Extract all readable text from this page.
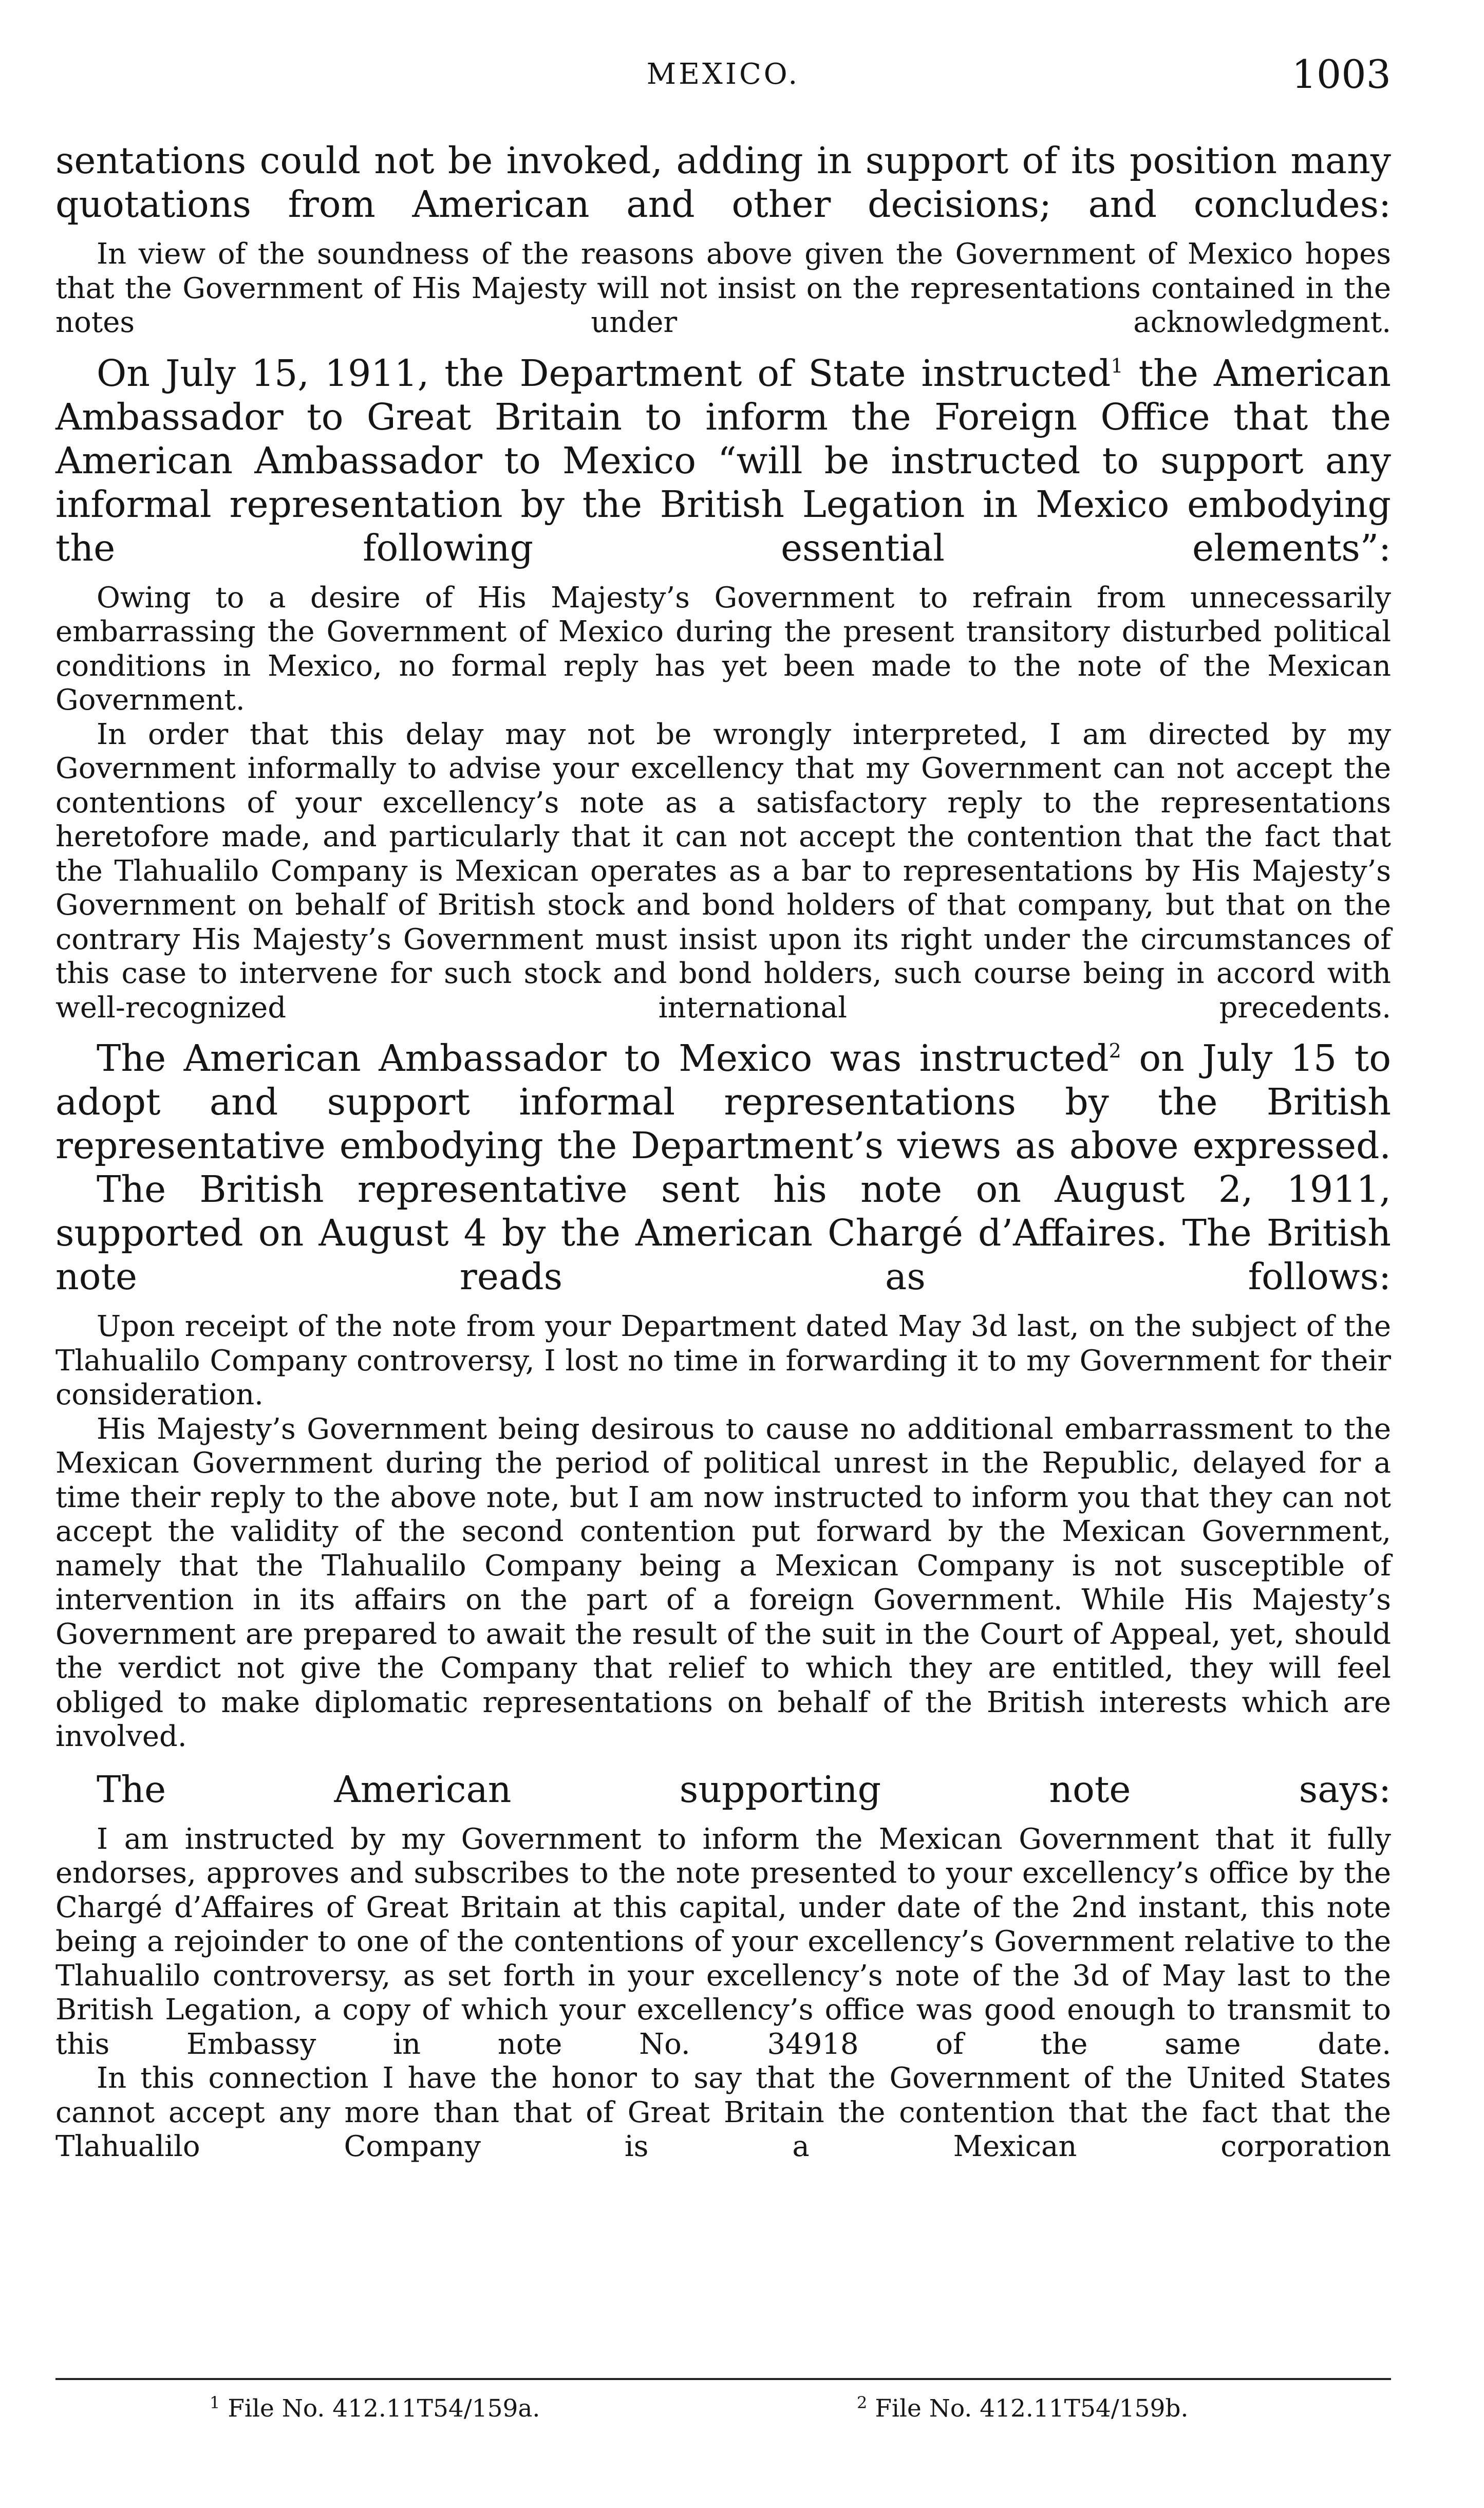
MEXICO.	1003

sentations could not be invoked, adding in support of its position many quotations from American and other decisions; and concludes:

In view of the soundness of the reasons above given the Government of Mexico hopes that the Government of His Majesty will not insist on the representations contained in the notes under acknowledgment.

On July 15, 1911, the Department of State instructed$^1$ the American Ambassador to Great Britain to inform the Foreign Office that the American Ambassador to Mexico “will be instructed to support any informal representation by the British Legation in Mexico embodying the following essential elements”:

Owing to a desire of His Majesty’s Government to refrain from unnecessarily embarrassing the Government of Mexico during the present transitory disturbed political conditions in Mexico, no formal reply has yet been made to the note of the Mexican Government.

In order that this delay may not be wrongly interpreted, I am directed by my Government informally to advise your excellency that my Government can not accept the contentions of your excellency’s note as a satisfactory reply to the representations heretofore made, and particularly that it can not accept the contention that the fact that the Tlahualilo Company is Mexican operates as a bar to representations by His Majesty’s Government on behalf of British stock and bond holders of that company, but that on the contrary His Majesty’s Government must insist upon its right under the circumstances of this case to intervene for such stock and bond holders, such course being in accord with well-recognized international precedents.

The American Ambassador to Mexico was instructed$^2$ on July 15 to adopt and support informal representations by the British representative embodying the Department’s views as above expressed.

The British representative sent his note on August 2, 1911, supported on August 4 by the American Chargé d’Affaires. The British note reads as follows:

Upon receipt of the note from your Department dated May 3d last, on the subject of the Tlahualilo Company controversy, I lost no time in forwarding it to my Government for their consideration.

His Majesty’s Government being desirous to cause no additional embarrassment to the Mexican Government during the period of political unrest in the Republic, delayed for a time their reply to the above note, but I am now instructed to inform you that they can not accept the validity of the second contention put forward by the Mexican Government, namely that the Tlahualilo Company being a Mexican Company is not susceptible of intervention in its affairs on the part of a foreign Government. While His Majesty’s Government are prepared to await the result of the suit in the Court of Appeal, yet, should the verdict not give the Company that relief to which they are entitled, they will feel obliged to make diplomatic representations on behalf of the British interests which are involved.

The American supporting note says:

I am instructed by my Government to inform the Mexican Government that it fully endorses, approves and subscribes to the note presented to your excellency’s office by the Chargé d’Affaires of Great Britain at this capital, under date of the 2nd instant, this note being a rejoinder to one of the contentions of your excellency’s Government relative to the Tlahualilo controversy, as set forth in your excellency’s note of the 3d of May last to the British Legation, a copy of which your excellency’s office was good enough to transmit to this Embassy in note No. 34918 of the same date.

In this connection I have the honor to say that the Government of the United States cannot accept any more than that of Great Britain the contention that the fact that the Tlahualilo Company is a Mexican corporation

$^1$ File No. 412.11T54/159a.	$^2$ File No. 412.11T54/159b.
